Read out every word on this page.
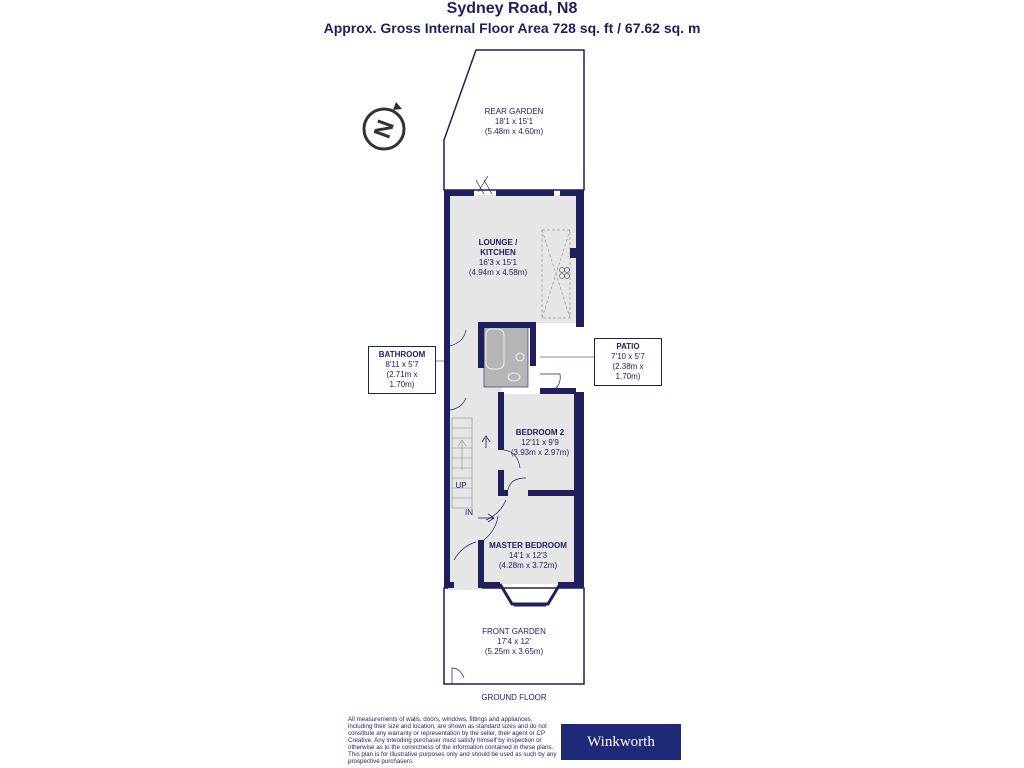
Sydney Road, N8
Approx. Gross Internal Floor Area 728 sq. ft / 67.62 sq. m
N
REAR GARDEN
18'1 x 15'1
(5.48m x 4.60m)
LOUNGE /
KITCHEN
16'3 x 15'1
(4.94m x 4.58m)
BEDROOM 2
12'11 x 9'9
(3.93m x 2.97m)
MASTER BEDROOM
14'1 x 12'3
(4.28m x 3.72m)
FRONT GARDEN
17'4 x 12'
(5.25m x 3.65m)
UP
IN
GROUND FLOOR
BATHROOM
8'11 x 5'7
(2.71m x 1.70m)
PATIO
7'10 x 5'7
(2.38m x 1.70m)
All measurements of walls, doors, windows, fittings and appliances, including their size and location, are shown as standard sizes and do not constitute any warranty or representation by the seller, their agent or CP Creative. Any intending purchaser must satisfy himself by inspection or otherwise as to the correctness of the information contained in these plans. This plan is for illustrative purposes only and should be used as such by any prospective purchasers.
Winkworth
